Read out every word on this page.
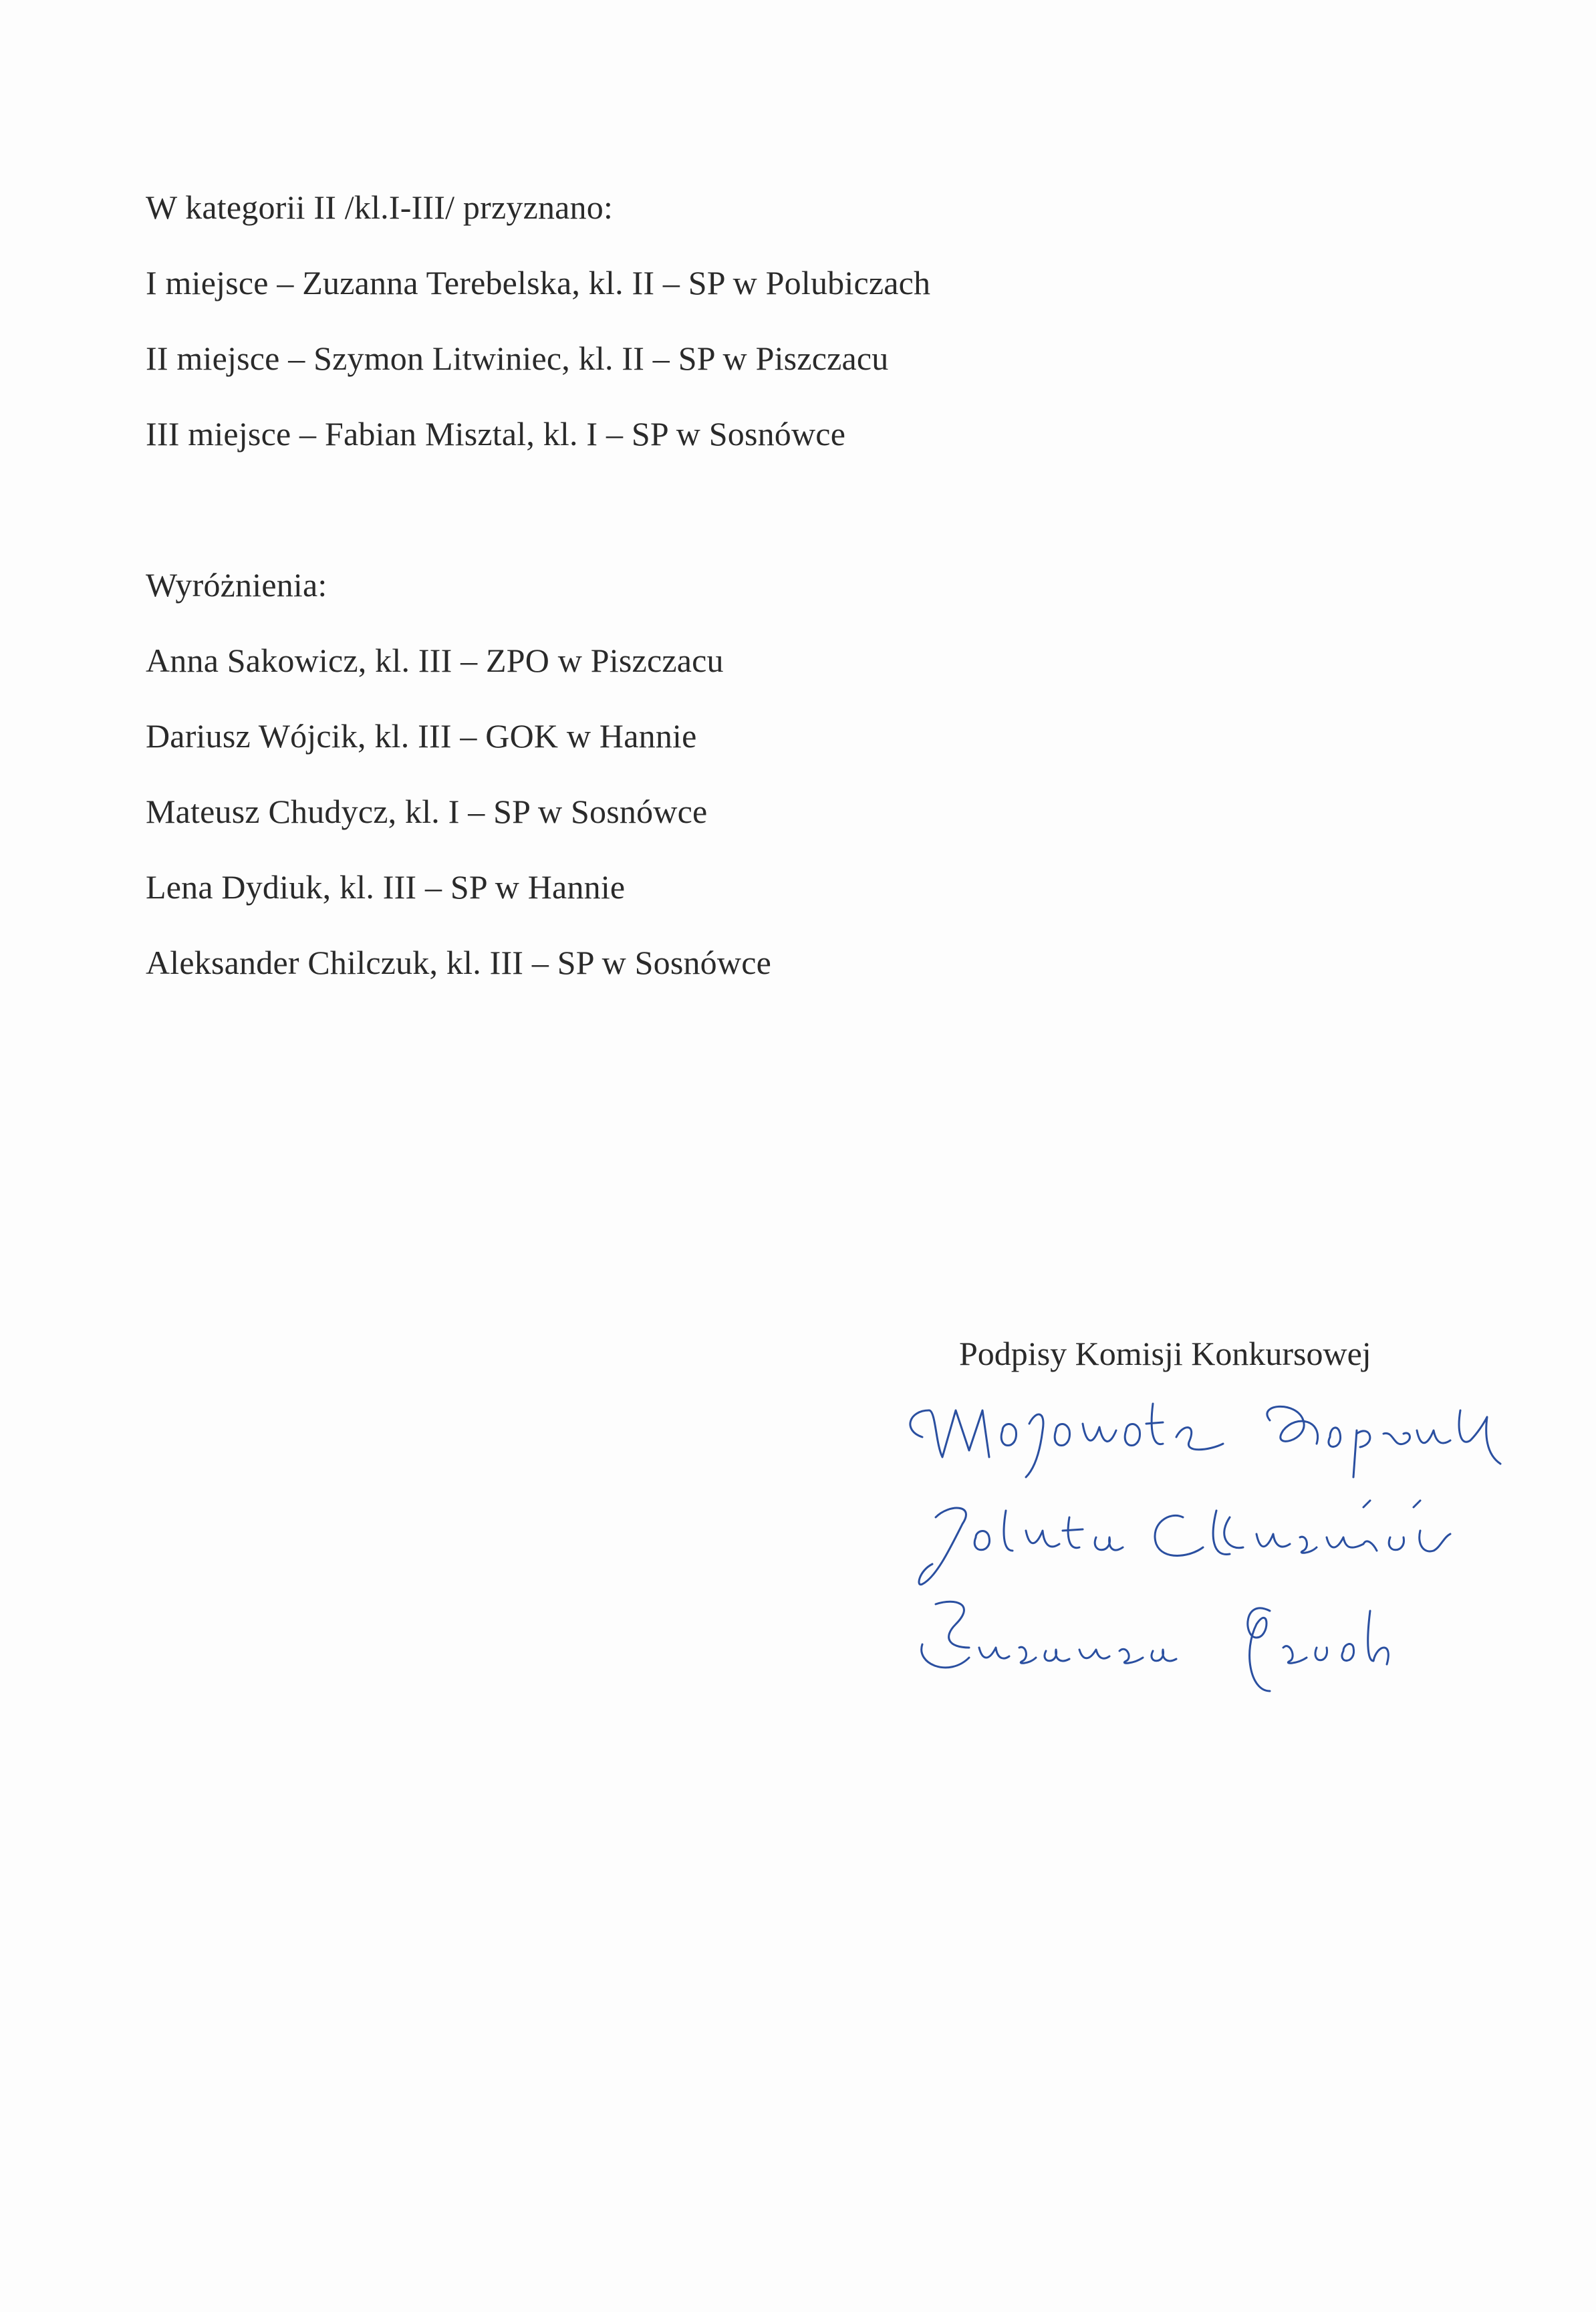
W kategorii II /kl.I-III/ przyznano:
I miejsce – Zuzanna Terebelska, kl. II – SP w Polubiczach
II miejsce – Szymon Litwiniec, kl. II – SP w Piszczacu
III miejsce – Fabian Misztal, kl. I – SP w Sosnówce
Wyróżnienia:
Anna Sakowicz, kl. III – ZPO w Piszczacu
Dariusz Wójcik, kl. III – GOK w Hannie
Mateusz Chudycz, kl. I – SP w Sosnówce
Lena Dydiuk, kl. III – SP w Hannie
Aleksander Chilczuk, kl. III – SP w Sosnówce
Podpisy Komisji Konkursowej
